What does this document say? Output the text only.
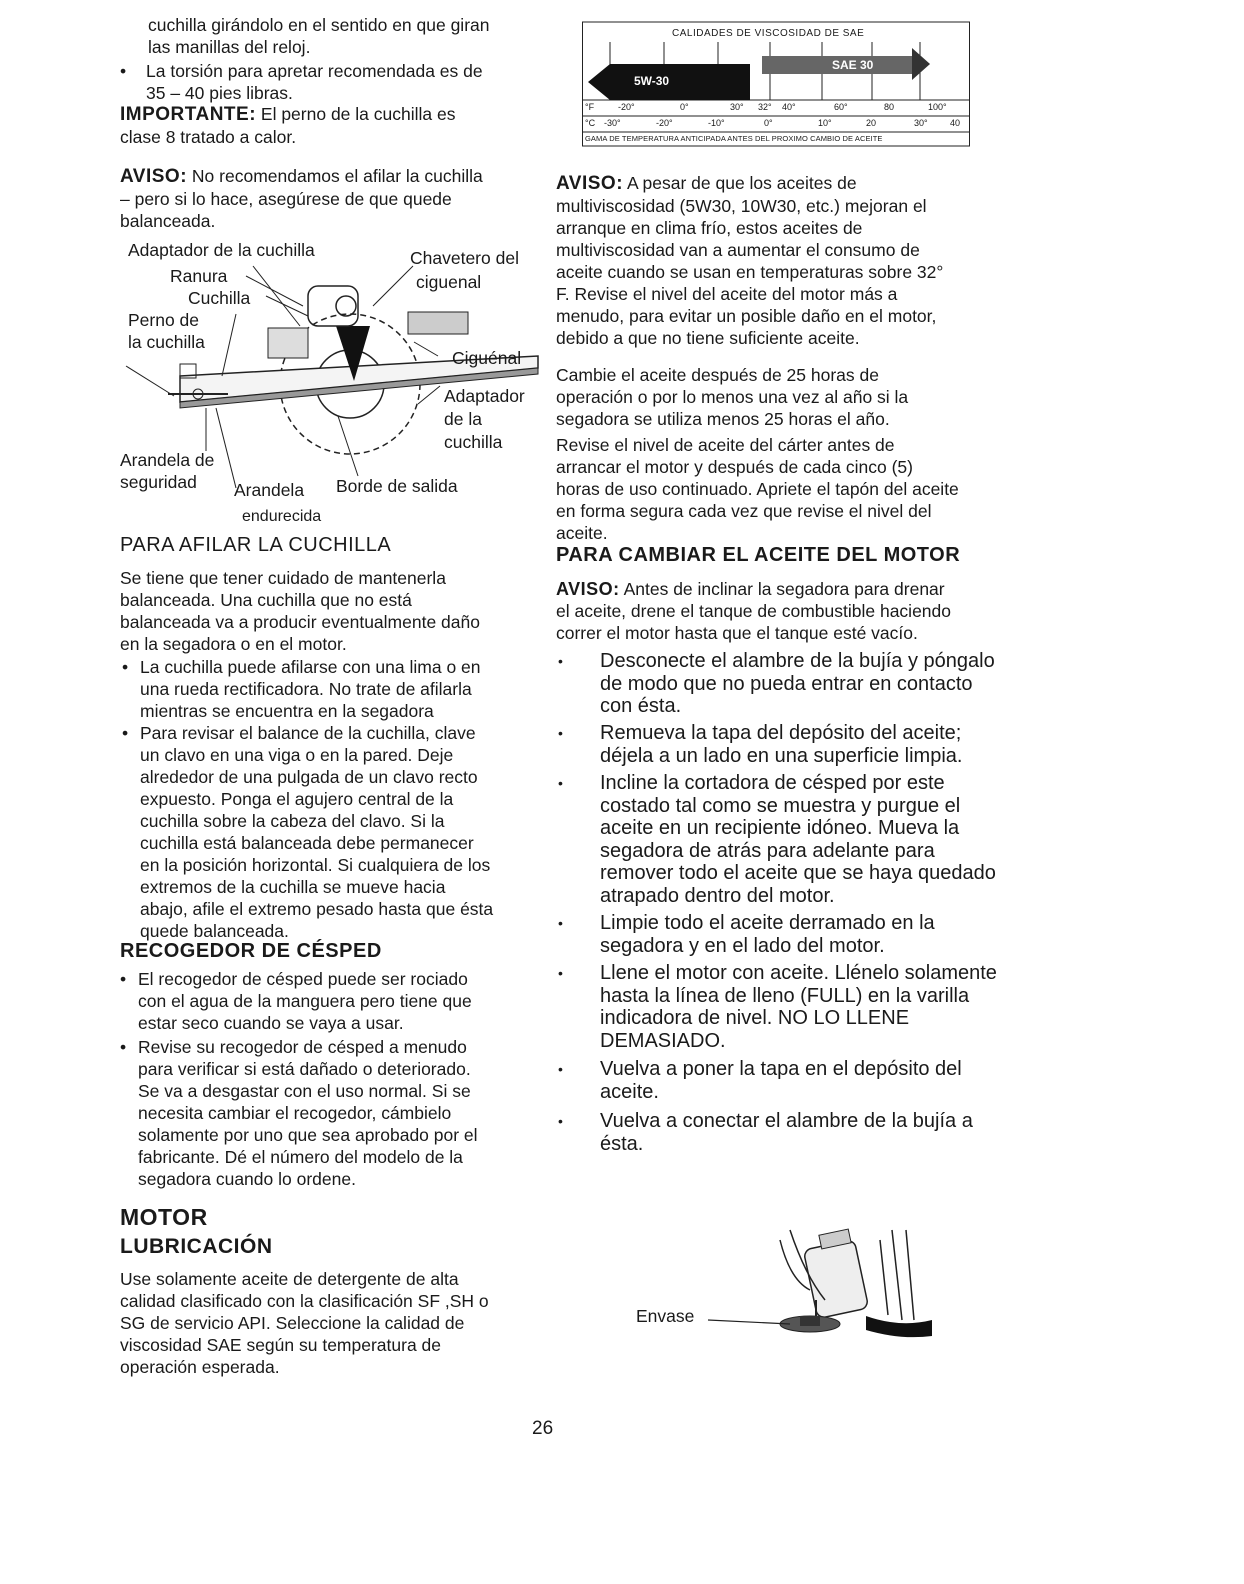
cuchilla girándolo en el sentido en que giran

las manillas del reloj.

• La torsión para apretar recomendada es de

35 – 40 pies libras.

IMPORTANTE: El perno de la cuchilla es

clase 8 tratado a calor.

AVISO: No recomendamos el afilar la cuchilla

– pero si lo hace, asegúrese de que quede

balanceada.

Adaptador de la cuchilla
Ranura
Cuchilla
Perno de
la cuchilla
Chavetero del
ciguenal
Ciguénal
Adaptador
de la
cuchilla
Arandela de
seguridad Arandela
endurecida
Borde de salida
PARA AFILAR LA CUCHILLA

Se tiene que tener cuidado de mantenerla

balanceada. Una cuchilla que no está

balanceada va a producir eventualmente daño

en la segadora o en el motor.

• La cuchilla puede afilarse con una lima o en

una rueda rectificadora. No trate de afilarla

mientras se encuentra en la segadora

• Para revisar el balance de la cuchilla, clave

un clavo en una viga o en la pared. Deje

alrededor de una pulgada de un clavo recto

expuesto. Ponga el agujero central de la

cuchilla sobre la cabeza del clavo. Si la

cuchilla está balanceada debe permanecer

en la posición horizontal. Si cualquiera de los

extremos de la cuchilla se mueve hacia

abajo, afile el extremo pesado hasta que ésta

quede balanceada.

RECOGEDOR DE CÉSPED

• El recogedor de césped puede ser rociado

con el agua de la manguera pero tiene que

estar seco cuando se vaya a usar.

• Revise su recogedor de césped a menudo

para verificar si está dañado o deteriorado.

Se va a desgastar con el uso normal. Si se

necesita cambiar el recogedor, cámbielo

solamente por uno que sea aprobado por el

fabricante. Dé el número del modelo de la

segadora cuando lo ordene.

MOTOR
LUBRICACIÓN

Use solamente aceite de detergente de alta

calidad clasificado con la clasificación SF ,SH o

SG de servicio API. Seleccione la calidad de

viscosidad SAE según su temperatura de

operación esperada.

CALIDADES DE VISCOSIDAD DE SAE
5W-30
SAE 30
°F	-20°	0°	30° 32° 40°	60°	80	100°
°C -30°	-20°	-10°	0°	10°	20	30° 40
GAMA DE TEMPERATURA ANTICIPADA ANTES DEL PROXIMO CAMBIO DE ACEITE

AVISO: A pesar de que los aceites de

multiviscosidad (5W30, 10W30, etc.) mejoran el

arranque en clima frío, estos aceites de

multiviscosidad van a aumentar el consumo de

aceite cuando se usan en temperaturas sobre 32°

F. Revise el nivel del aceite del motor más a

menudo, para evitar un posible daño en el motor,

debido a que no tiene suficiente aceite.

Cambie el aceite después de 25 horas de

operación o por lo menos una vez al año si la

segadora se utiliza menos 25 horas el año.

Revise el nivel de aceite del cárter antes de

arrancar el motor y después de cada cinco (5)

horas de uso continuado. Apriete el tapón del aceite

en forma segura cada vez que revise el nivel del

aceite.

PARA CAMBIAR EL ACEITE DEL MOTOR

AVISO: Antes de inclinar la segadora para drenar

el aceite, drene el tanque de combustible haciendo

correr el motor hasta que el tanque esté vacío.

• Desconecte el alambre de la bujía y póngalo
de modo que no pueda entrar en contacto
con ésta.
• Remueva la tapa del depósito del aceite;
déjela a un lado en una superficie limpia.
• Incline la cortadora de césped por este
costado tal como se muestra y purgue el
aceite en un recipiente idóneo. Mueva la
segadora de atrás para adelante para
remover todo el aceite que se haya quedado
atrapado dentro del motor.
• Limpie todo el aceite derramado en la
segadora y en el lado del motor.
• Llene el motor con aceite. Llénelo solamente
hasta la línea de lleno (FULL) en la varilla
indicadora de nivel. NO LO LLENE
DEMASIADO.
• Vuelva a poner la tapa en el depósito del
aceite.
• Vuelva a conectar el alambre de la bujía a
ésta.
Envase
26
